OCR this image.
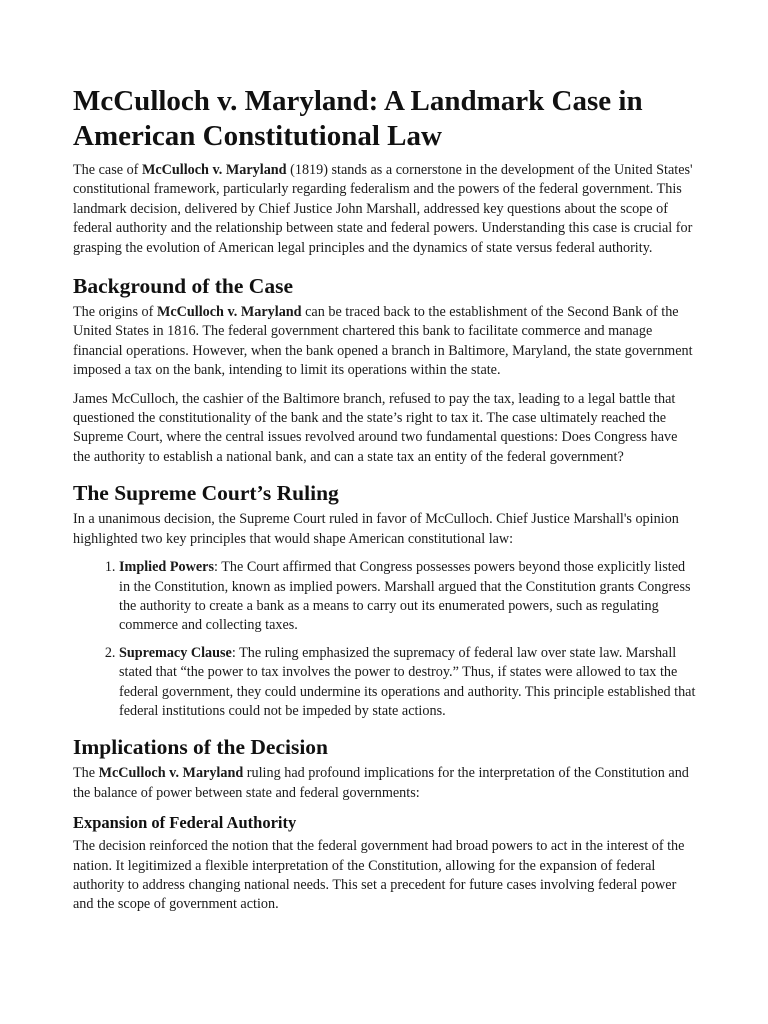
McCulloch v. Maryland: A Landmark Case in American Constitutional Law

The case of McCulloch v. Maryland (1819) stands as a cornerstone in the development of the United States' constitutional framework, particularly regarding federalism and the powers of the federal government. This landmark decision, delivered by Chief Justice John Marshall, addressed key questions about the scope of federal authority and the relationship between state and federal powers. Understanding this case is crucial for grasping the evolution of American legal principles and the dynamics of state versus federal authority.

Background of the Case

The origins of McCulloch v. Maryland can be traced back to the establishment of the Second Bank of the United States in 1816. The federal government chartered this bank to facilitate commerce and manage financial operations. However, when the bank opened a branch in Baltimore, Maryland, the state government imposed a tax on the bank, intending to limit its operations within the state.

James McCulloch, the cashier of the Baltimore branch, refused to pay the tax, leading to a legal battle that questioned the constitutionality of the bank and the state’s right to tax it. The case ultimately reached the Supreme Court, where the central issues revolved around two fundamental questions: Does Congress have the authority to establish a national bank, and can a state tax an entity of the federal government?

The Supreme Court’s Ruling

In a unanimous decision, the Supreme Court ruled in favor of McCulloch. Chief Justice Marshall's opinion highlighted two key principles that would shape American constitutional law:

1. Implied Powers: The Court affirmed that Congress possesses powers beyond those explicitly listed in the Constitution, known as implied powers. Marshall argued that the Constitution grants Congress the authority to create a bank as a means to carry out its enumerated powers, such as regulating commerce and collecting taxes.
2. Supremacy Clause: The ruling emphasized the supremacy of federal law over state law. Marshall stated that “the power to tax involves the power to destroy.” Thus, if states were allowed to tax the federal government, they could undermine its operations and authority. This principle established that federal institutions could not be impeded by state actions.
Implications of the Decision

The McCulloch v. Maryland ruling had profound implications for the interpretation of the Constitution and the balance of power between state and federal governments:

Expansion of Federal Authority

The decision reinforced the notion that the federal government had broad powers to act in the interest of the nation. It legitimized a flexible interpretation of the Constitution, allowing for the expansion of federal authority to address changing national needs. This set a precedent for future cases involving federal power and the scope of government action.
